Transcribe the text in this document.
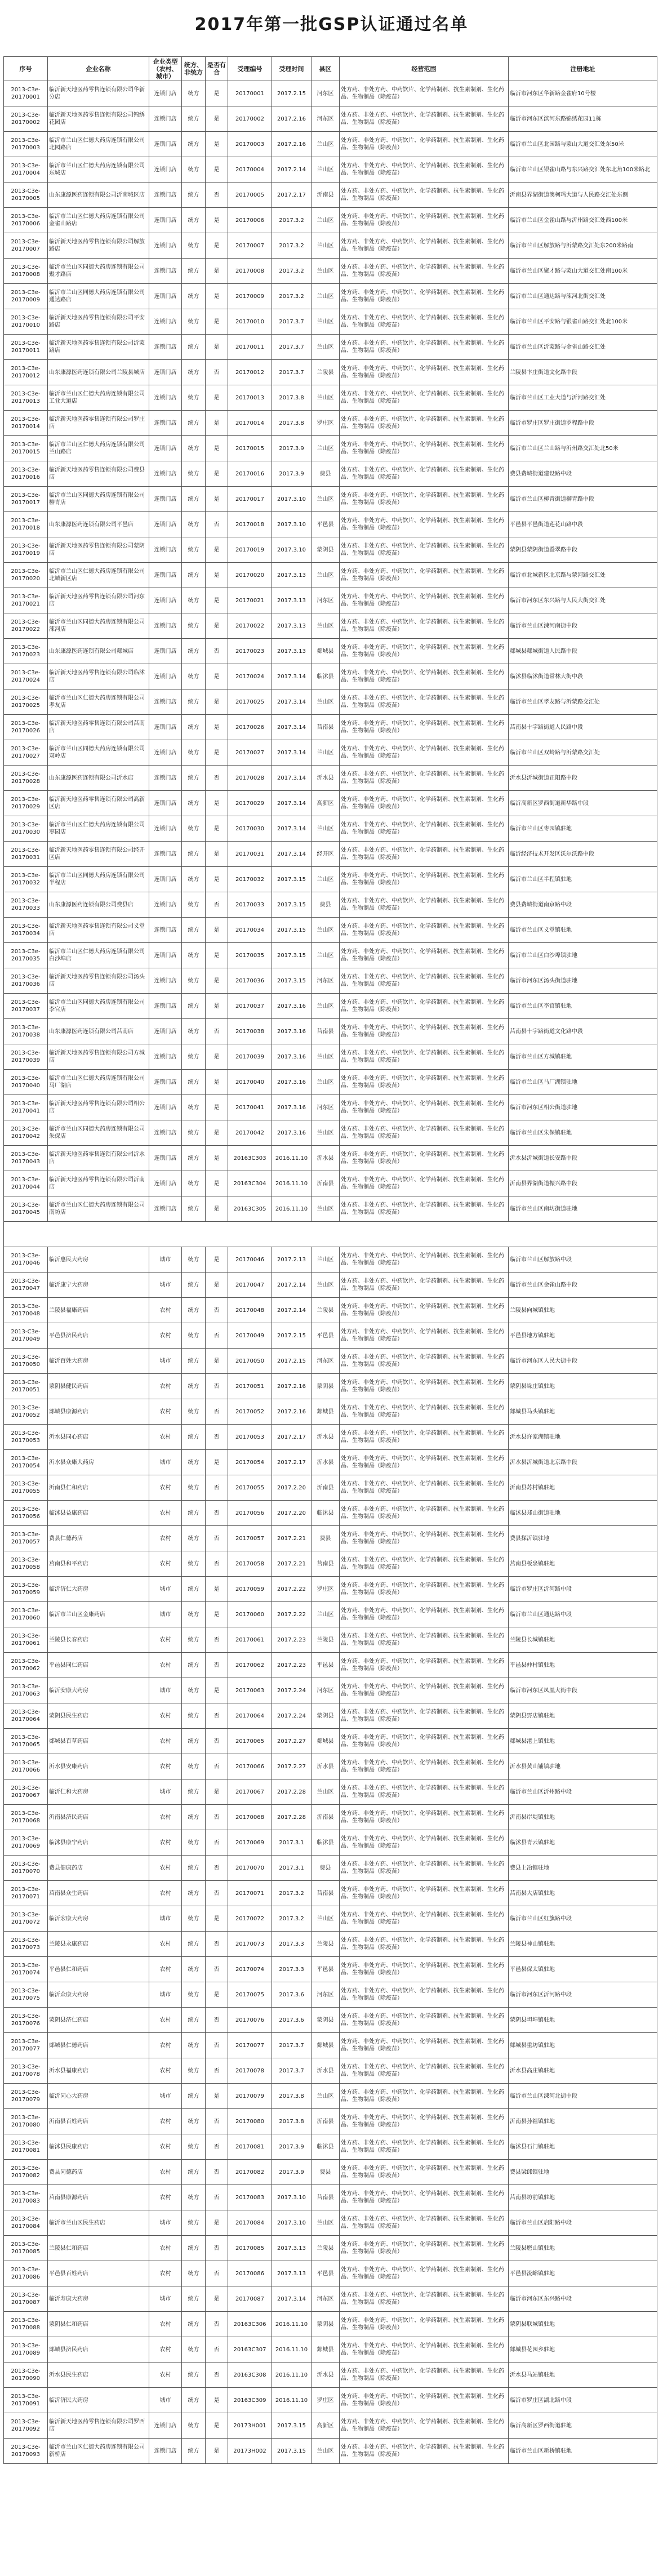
2017年第一批GSP认证通过名单
序号	企业名称	企业类型（农村、城市）	统方、非统方	是否有合	受理编号	受理时间	县区	经营范围	注册地址
2013-C3e-20170001	临沂新天地医药零售连锁有限公司华新分店	连锁门店	统方	是	20170001	2017.2.15	河东区	处方药、非处方药、中药饮片、化学药制剂、抗生素制剂、生化药品、生物制品（除疫苗）	临沂市河东区华新路金雀府10号楼
2013-C3e-20170002	临沂新天地医药零售连锁有限公司锦绣花园店	连锁门店	统方	是	20170002	2017.2.16	河东区	处方药、非处方药、中药饮片、化学药制剂、抗生素制剂、生化药品、生物制品（除疫苗）	临沂市河东区滨河东路锦绣花园11栋
2013-C3e-20170003	临沂市兰山区仁德大药房连锁有限公司北园路店	连锁门店	统方	是	20170003	2017.2.16	兰山区	处方药、非处方药、中药饮片、化学药制剂、抗生素制剂、生化药品、生物制品（除疫苗）	临沂市兰山区北园路与蒙山大道交汇处东50米
2013-C3e-20170004	临沂市兰山区仁德大药房连锁有限公司东城店	连锁门店	统方	是	20170004	2017.2.14	兰山区	处方药、非处方药、中药饮片、化学药制剂、抗生素制剂、生化药品、生物制品（除疫苗）	临沂市兰山区银雀山路与东兴路交汇处东北角100米路北
2013-C3e-20170005	山东康源医药连锁有限公司沂南城区店	连锁门店	统方	否	20170005	2017.2.17	沂南县	处方药、非处方药、中药饮片、化学药制剂、抗生素制剂、生化药品、生物制品（除疫苗）	沂南县界湖街道澳柯玛大道与人民路交汇处东侧
2013-C3e-20170006	临沂市兰山区仁德大药房连锁有限公司金雀山路店	连锁门店	统方	是	20170006	2017.3.2	兰山区	处方药、非处方药、中药饮片、化学药制剂、抗生素制剂、生化药品、生物制品（除疫苗）	临沂市兰山区金雀山路与沂州路交汇处西100米
2013-C3e-20170007	临沂新天地医药零售连锁有限公司解放路店	连锁门店	统方	是	20170007	2017.3.2	兰山区	处方药、非处方药、中药饮片、化学药制剂、抗生素制剂、生化药品、生物制品（除疫苗）	临沂市兰山区解放路与沂蒙路交汇处东200米路南
2013-C3e-20170008	临沂市兰山区同德大药房连锁有限公司聚才路店	连锁门店	统方	是	20170008	2017.3.2	兰山区	处方药、非处方药、中药饮片、化学药制剂、抗生素制剂、生化药品、生物制品（除疫苗）	临沂市兰山区聚才路与蒙山大道交汇处南100米
2013-C3e-20170009	临沂市兰山区同德大药房连锁有限公司通达路店	连锁门店	统方	是	20170009	2017.3.2	兰山区	处方药、非处方药、中药饮片、化学药制剂、抗生素制剂、生化药品、生物制品（除疫苗）	临沂市兰山区通达路与涑河北街交汇处
2013-C3e-20170010	临沂新天地医药零售连锁有限公司平安路店	连锁门店	统方	是	20170010	2017.3.7	兰山区	处方药、非处方药、中药饮片、化学药制剂、抗生素制剂、生化药品、生物制品（除疫苗）	临沂市兰山区平安路与银雀山路交汇处北100米
2013-C3e-20170011	临沂新天地医药零售连锁有限公司沂蒙路店	连锁门店	统方	是	20170011	2017.3.7	兰山区	处方药、非处方药、中药饮片、化学药制剂、抗生素制剂、生化药品、生物制品（除疫苗）	临沂市兰山区沂蒙路与金雀山路交汇处
2013-C3e-20170012	山东康源医药连锁有限公司兰陵县城店	连锁门店	统方	否	20170012	2017.3.7	兰陵县	处方药、非处方药、中药饮片、化学药制剂、抗生素制剂、生化药品、生物制品（除疫苗）	兰陵县卞庄街道文化路中段
2013-C3e-20170013	临沂市兰山区仁德大药房连锁有限公司工业大道店	连锁门店	统方	是	20170013	2017.3.8	兰山区	处方药、非处方药、中药饮片、化学药制剂、抗生素制剂、生化药品、生物制品（除疫苗）	临沂市兰山区工业大道与沂河路交汇处
2013-C3e-20170014	临沂新天地医药零售连锁有限公司罗庄店	连锁门店	统方	是	20170014	2017.3.8	罗庄区	处方药、非处方药、中药饮片、化学药制剂、抗生素制剂、生化药品、生物制品（除疫苗）	临沂市罗庄区罗庄街道罗程路中段
2013-C3e-20170015	临沂市兰山区仁德大药房连锁有限公司兰山路店	连锁门店	统方	是	20170015	2017.3.9	兰山区	处方药、非处方药、中药饮片、化学药制剂、抗生素制剂、生化药品、生物制品（除疫苗）	临沂市兰山区兰山路与沂州路交汇处北50米
2013-C3e-20170016	临沂新天地医药零售连锁有限公司费县店	连锁门店	统方	是	20170016	2017.3.9	费县	处方药、非处方药、中药饮片、化学药制剂、抗生素制剂、生化药品、生物制品（除疫苗）	费县费城街道建设路中段
2013-C3e-20170017	临沂市兰山区同德大药房连锁有限公司柳青店	连锁门店	统方	是	20170017	2017.3.10	兰山区	处方药、非处方药、中药饮片、化学药制剂、抗生素制剂、生化药品、生物制品（除疫苗）	临沂市兰山区柳青街道柳青路中段
2013-C3e-20170018	山东康源医药连锁有限公司平邑店	连锁门店	统方	否	20170018	2017.3.10	平邑县	处方药、非处方药、中药饮片、化学药制剂、抗生素制剂、生化药品、生物制品（除疫苗）	平邑县平邑街道莲花山路中段
2013-C3e-20170019	临沂新天地医药零售连锁有限公司蒙阴店	连锁门店	统方	是	20170019	2017.3.10	蒙阴县	处方药、非处方药、中药饮片、化学药制剂、抗生素制剂、生化药品、生物制品（除疫苗）	蒙阴县蒙阴街道叠翠路中段
2013-C3e-20170020	临沂市兰山区仁德大药房连锁有限公司北城新区店	连锁门店	统方	是	20170020	2017.3.13	兰山区	处方药、非处方药、中药饮片、化学药制剂、抗生素制剂、生化药品、生物制品（除疫苗）	临沂市北城新区北京路与蒙河路交汇处
2013-C3e-20170021	临沂新天地医药零售连锁有限公司河东店	连锁门店	统方	是	20170021	2017.3.13	河东区	处方药、非处方药、中药饮片、化学药制剂、抗生素制剂、生化药品、生物制品（除疫苗）	临沂市河东区东兴路与人民大街交汇处
2013-C3e-20170022	临沂市兰山区同德大药房连锁有限公司涑河店	连锁门店	统方	是	20170022	2017.3.13	兰山区	处方药、非处方药、中药饮片、化学药制剂、抗生素制剂、生化药品、生物制品（除疫苗）	临沂市兰山区涑河南街中段
2013-C3e-20170023	山东康源医药连锁有限公司郯城店	连锁门店	统方	否	20170023	2017.3.13	郯城县	处方药、非处方药、中药饮片、化学药制剂、抗生素制剂、生化药品、生物制品（除疫苗）	郯城县郯城街道人民路中段
2013-C3e-20170024	临沂新天地医药零售连锁有限公司临沭店	连锁门店	统方	是	20170024	2017.3.14	临沭县	处方药、非处方药、中药饮片、化学药制剂、抗生素制剂、生化药品、生物制品（除疫苗）	临沭县临沭街道常林大街中段
2013-C3e-20170025	临沂市兰山区仁德大药房连锁有限公司孝友店	连锁门店	统方	是	20170025	2017.3.14	兰山区	处方药、非处方药、中药饮片、化学药制剂、抗生素制剂、生化药品、生物制品（除疫苗）	临沂市兰山区孝友路与沂蒙路交汇处
2013-C3e-20170026	临沂新天地医药零售连锁有限公司莒南店	连锁门店	统方	是	20170026	2017.3.14	莒南县	处方药、非处方药、中药饮片、化学药制剂、抗生素制剂、生化药品、生物制品（除疫苗）	莒南县十字路街道人民路中段
2013-C3e-20170027	临沂市兰山区同德大药房连锁有限公司双岭店	连锁门店	统方	是	20170027	2017.3.14	兰山区	处方药、非处方药、中药饮片、化学药制剂、抗生素制剂、生化药品、生物制品（除疫苗）	临沂市兰山区双岭路与沂蒙路交汇处
2013-C3e-20170028	山东康源医药连锁有限公司沂水店	连锁门店	统方	否	20170028	2017.3.14	沂水县	处方药、非处方药、中药饮片、化学药制剂、抗生素制剂、生化药品、生物制品（除疫苗）	沂水县沂城街道正阳路中段
2013-C3e-20170029	临沂新天地医药零售连锁有限公司高新区店	连锁门店	统方	是	20170029	2017.3.14	高新区	处方药、非处方药、中药饮片、化学药制剂、抗生素制剂、生化药品、生物制品（除疫苗）	临沂高新区罗西街道新华路中段
2013-C3e-20170030	临沂市兰山区仁德大药房连锁有限公司枣园店	连锁门店	统方	是	20170030	2017.3.14	兰山区	处方药、非处方药、中药饮片、化学药制剂、抗生素制剂、生化药品、生物制品（除疫苗）	临沂市兰山区枣园镇驻地
2013-C3e-20170031	临沂新天地医药零售连锁有限公司经开区店	连锁门店	统方	是	20170031	2017.3.14	经开区	处方药、非处方药、中药饮片、化学药制剂、抗生素制剂、生化药品、生物制品（除疫苗）	临沂经济技术开发区沃尔沃路中段
2013-C3e-20170032	临沂市兰山区同德大药房连锁有限公司半程店	连锁门店	统方	是	20170032	2017.3.15	兰山区	处方药、非处方药、中药饮片、化学药制剂、抗生素制剂、生化药品、生物制品（除疫苗）	临沂市兰山区半程镇驻地
2013-C3e-20170033	山东康源医药连锁有限公司费县店	连锁门店	统方	否	20170033	2017.3.15	费县	处方药、非处方药、中药饮片、化学药制剂、抗生素制剂、生化药品、生物制品（除疫苗）	费县费城街道南京路中段
2013-C3e-20170034	临沂新天地医药零售连锁有限公司义堂店	连锁门店	统方	是	20170034	2017.3.15	兰山区	处方药、非处方药、中药饮片、化学药制剂、抗生素制剂、生化药品、生物制品（除疫苗）	临沂市兰山区义堂镇驻地
2013-C3e-20170035	临沂市兰山区仁德大药房连锁有限公司白沙埠店	连锁门店	统方	是	20170035	2017.3.15	兰山区	处方药、非处方药、中药饮片、化学药制剂、抗生素制剂、生化药品、生物制品（除疫苗）	临沂市兰山区白沙埠镇驻地
2013-C3e-20170036	临沂新天地医药零售连锁有限公司汤头店	连锁门店	统方	是	20170036	2017.3.15	河东区	处方药、非处方药、中药饮片、化学药制剂、抗生素制剂、生化药品、生物制品（除疫苗）	临沂市河东区汤头街道驻地
2013-C3e-20170037	临沂市兰山区同德大药房连锁有限公司李官店	连锁门店	统方	是	20170037	2017.3.16	兰山区	处方药、非处方药、中药饮片、化学药制剂、抗生素制剂、生化药品、生物制品（除疫苗）	临沂市兰山区李官镇驻地
2013-C3e-20170038	山东康源医药连锁有限公司莒南店	连锁门店	统方	否	20170038	2017.3.16	莒南县	处方药、非处方药、中药饮片、化学药制剂、抗生素制剂、生化药品、生物制品（除疫苗）	莒南县十字路街道文化路中段
2013-C3e-20170039	临沂新天地医药零售连锁有限公司方城店	连锁门店	统方	是	20170039	2017.3.16	兰山区	处方药、非处方药、中药饮片、化学药制剂、抗生素制剂、生化药品、生物制品（除疫苗）	临沂市兰山区方城镇驻地
2013-C3e-20170040	临沂市兰山区仁德大药房连锁有限公司马厂湖店	连锁门店	统方	是	20170040	2017.3.16	兰山区	处方药、非处方药、中药饮片、化学药制剂、抗生素制剂、生化药品、生物制品（除疫苗）	临沂市兰山区马厂湖镇驻地
2013-C3e-20170041	临沂新天地医药零售连锁有限公司相公店	连锁门店	统方	是	20170041	2017.3.16	河东区	处方药、非处方药、中药饮片、化学药制剂、抗生素制剂、生化药品、生物制品（除疫苗）	临沂市河东区相公街道驻地
2013-C3e-20170042	临沂市兰山区同德大药房连锁有限公司朱保店	连锁门店	统方	是	20170042	2017.3.16	兰山区	处方药、非处方药、中药饮片、化学药制剂、抗生素制剂、生化药品、生物制品（除疫苗）	临沂市兰山区朱保镇驻地
2013-C3e-20170043	临沂新天地医药零售连锁有限公司沂水店	连锁门店	统方	是	20163C303	2016.11.10	沂水县	处方药、非处方药、中药饮片、化学药制剂、抗生素制剂、生化药品、生物制品（除疫苗）	沂水县沂城街道长安路中段
2013-C3e-20170044	临沂新天地医药零售连锁有限公司沂南店	连锁门店	统方	是	20163C304	2016.11.10	沂南县	处方药、非处方药、中药饮片、化学药制剂、抗生素制剂、生化药品、生物制品（除疫苗）	沂南县界湖街道振兴路中段
2013-C3e-20170045	临沂市兰山区仁德大药房连锁有限公司南坊店	连锁门店	统方	是	20163C305	2016.11.10	兰山区	处方药、非处方药、中药饮片、化学药制剂、抗生素制剂、生化药品、生物制品（除疫苗）	临沂市兰山区南坊街道驻地

2013-C3e-20170046	临沂惠民大药房	城市	统方	是	20170046	2017.2.13	兰山区	处方药、非处方药、中药饮片、化学药制剂、抗生素制剂、生化药品、生物制品（除疫苗）	临沂市兰山区解放路中段
2013-C3e-20170047	临沂康宁大药房	城市	统方	是	20170047	2017.2.14	兰山区	处方药、非处方药、中药饮片、化学药制剂、抗生素制剂、生化药品、生物制品（除疫苗）	临沂市兰山区金雀山路中段
2013-C3e-20170048	兰陵县福康药店	农村	统方	否	20170048	2017.2.14	兰陵县	处方药、非处方药、中药饮片、化学药制剂、抗生素制剂、生化药品、生物制品（除疫苗）	兰陵县向城镇驻地
2013-C3e-20170049	平邑县济民药店	农村	统方	否	20170049	2017.2.15	平邑县	处方药、非处方药、中药饮片、化学药制剂、抗生素制剂、生化药品、生物制品（除疫苗）	平邑县地方镇驻地
2013-C3e-20170050	临沂百姓大药房	城市	统方	是	20170050	2017.2.15	河东区	处方药、非处方药、中药饮片、化学药制剂、抗生素制剂、生化药品、生物制品（除疫苗）	临沂市河东区人民大街中段
2013-C3e-20170051	蒙阴县健民药店	农村	统方	否	20170051	2017.2.16	蒙阴县	处方药、非处方药、中药饮片、化学药制剂、抗生素制剂、生化药品、生物制品（除疫苗）	蒙阴县垛庄镇驻地
2013-C3e-20170052	郯城县康源药店	农村	统方	否	20170052	2017.2.16	郯城县	处方药、非处方药、中药饮片、化学药制剂、抗生素制剂、生化药品、生物制品（除疫苗）	郯城县马头镇驻地
2013-C3e-20170053	沂水县同心药店	农村	统方	否	20170053	2017.2.17	沂水县	处方药、非处方药、中药饮片、化学药制剂、抗生素制剂、生化药品、生物制品（除疫苗）	沂水县许家湖镇驻地
2013-C3e-20170054	沂水县众康大药房	城市	统方	是	20170054	2017.2.17	沂水县	处方药、非处方药、中药饮片、化学药制剂、抗生素制剂、生化药品、生物制品（除疫苗）	沂水县沂城街道北京路中段
2013-C3e-20170055	沂南县仁和药店	农村	统方	否	20170055	2017.2.20	沂南县	处方药、非处方药、中药饮片、化学药制剂、抗生素制剂、生化药品、生物制品（除疫苗）	沂南县苏村镇驻地
2013-C3e-20170056	临沭县益康药店	农村	统方	否	20170056	2017.2.20	临沭县	处方药、非处方药、中药饮片、化学药制剂、抗生素制剂、生化药品、生物制品（除疫苗）	临沭县郑山街道驻地
2013-C3e-20170057	费县仁德药店	农村	统方	否	20170057	2017.2.21	费县	处方药、非处方药、中药饮片、化学药制剂、抗生素制剂、生化药品、生物制品（除疫苗）	费县探沂镇驻地
2013-C3e-20170058	莒南县和平药店	农村	统方	否	20170058	2017.2.21	莒南县	处方药、非处方药、中药饮片、化学药制剂、抗生素制剂、生化药品、生物制品（除疫苗）	莒南县板泉镇驻地
2013-C3e-20170059	临沂济仁大药房	城市	统方	是	20170059	2017.2.22	罗庄区	处方药、非处方药、中药饮片、化学药制剂、抗生素制剂、生化药品、生物制品（除疫苗）	临沂市罗庄区沂河路中段
2013-C3e-20170060	临沂市兰山区金康药店	城市	统方	是	20170060	2017.2.22	兰山区	处方药、非处方药、中药饮片、化学药制剂、抗生素制剂、生化药品、生物制品（除疫苗）	临沂市兰山区通达路中段
2013-C3e-20170061	兰陵县长春药店	农村	统方	否	20170061	2017.2.23	兰陵县	处方药、非处方药、中药饮片、化学药制剂、抗生素制剂、生化药品、生物制品（除疫苗）	兰陵县长城镇驻地
2013-C3e-20170062	平邑县同仁药店	农村	统方	否	20170062	2017.2.23	平邑县	处方药、非处方药、中药饮片、化学药制剂、抗生素制剂、生化药品、生物制品（除疫苗）	平邑县仲村镇驻地
2013-C3e-20170063	临沂安康大药房	城市	统方	是	20170063	2017.2.24	河东区	处方药、非处方药、中药饮片、化学药制剂、抗生素制剂、生化药品、生物制品（除疫苗）	临沂市河东区凤凰大街中段
2013-C3e-20170064	蒙阴县民生药店	农村	统方	否	20170064	2017.2.24	蒙阴县	处方药、非处方药、中药饮片、化学药制剂、抗生素制剂、生化药品、生物制品（除疫苗）	蒙阴县野店镇驻地
2013-C3e-20170065	郯城县百草药店	农村	统方	否	20170065	2017.2.27	郯城县	处方药、非处方药、中药饮片、化学药制剂、抗生素制剂、生化药品、生物制品（除疫苗）	郯城县港上镇驻地
2013-C3e-20170066	沂水县安康药店	农村	统方	否	20170066	2017.2.27	沂水县	处方药、非处方药、中药饮片、化学药制剂、抗生素制剂、生化药品、生物制品（除疫苗）	沂水县黄山铺镇驻地
2013-C3e-20170067	临沂仁和大药房	城市	统方	是	20170067	2017.2.28	兰山区	处方药、非处方药、中药饮片、化学药制剂、抗生素制剂、生化药品、生物制品（除疫苗）	临沂市兰山区沂州路中段
2013-C3e-20170068	沂南县济民药店	农村	统方	否	20170068	2017.2.28	沂南县	处方药、非处方药、中药饮片、化学药制剂、抗生素制剂、生化药品、生物制品（除疫苗）	沂南县岸堤镇驻地
2013-C3e-20170069	临沭县康宁药店	农村	统方	否	20170069	2017.3.1	临沭县	处方药、非处方药、中药饮片、化学药制剂、抗生素制剂、生化药品、生物制品（除疫苗）	临沭县青云镇驻地
2013-C3e-20170070	费县健康药店	农村	统方	否	20170070	2017.3.1	费县	处方药、非处方药、中药饮片、化学药制剂、抗生素制剂、生化药品、生物制品（除疫苗）	费县上冶镇驻地
2013-C3e-20170071	莒南县众生药店	农村	统方	否	20170071	2017.3.2	莒南县	处方药、非处方药、中药饮片、化学药制剂、抗生素制剂、生化药品、生物制品（除疫苗）	莒南县大店镇驻地
2013-C3e-20170072	临沂宏康大药房	城市	统方	是	20170072	2017.3.2	兰山区	处方药、非处方药、中药饮片、化学药制剂、抗生素制剂、生化药品、生物制品（除疫苗）	临沂市兰山区红旗路中段
2013-C3e-20170073	兰陵县永康药店	农村	统方	否	20170073	2017.3.3	兰陵县	处方药、非处方药、中药饮片、化学药制剂、抗生素制剂、生化药品、生物制品（除疫苗）	兰陵县神山镇驻地
2013-C3e-20170074	平邑县仁和药店	农村	统方	否	20170074	2017.3.3	平邑县	处方药、非处方药、中药饮片、化学药制剂、抗生素制剂、生化药品、生物制品（除疫苗）	平邑县保太镇驻地
2013-C3e-20170075	临沂众康大药房	城市	统方	是	20170075	2017.3.6	河东区	处方药、非处方药、中药饮片、化学药制剂、抗生素制剂、生化药品、生物制品（除疫苗）	临沂市河东区沂河路中段
2013-C3e-20170076	蒙阴县济仁药店	农村	统方	否	20170076	2017.3.6	蒙阴县	处方药、非处方药、中药饮片、化学药制剂、抗生素制剂、生化药品、生物制品（除疫苗）	蒙阴县坦埠镇驻地
2013-C3e-20170077	郯城县仁德药店	农村	统方	否	20170077	2017.3.7	郯城县	处方药、非处方药、中药饮片、化学药制剂、抗生素制剂、生化药品、生物制品（除疫苗）	郯城县重坊镇驻地
2013-C3e-20170078	沂水县福康药店	农村	统方	否	20170078	2017.3.7	沂水县	处方药、非处方药、中药饮片、化学药制剂、抗生素制剂、生化药品、生物制品（除疫苗）	沂水县高庄镇驻地
2013-C3e-20170079	临沂同心大药房	城市	统方	是	20170079	2017.3.8	兰山区	处方药、非处方药、中药饮片、化学药制剂、抗生素制剂、生化药品、生物制品（除疫苗）	临沂市兰山区涑河北街中段
2013-C3e-20170080	沂南县百姓药店	农村	统方	否	20170080	2017.3.8	沂南县	处方药、非处方药、中药饮片、化学药制剂、抗生素制剂、生化药品、生物制品（除疫苗）	沂南县孙祖镇驻地
2013-C3e-20170081	临沭县民康药店	农村	统方	否	20170081	2017.3.9	临沭县	处方药、非处方药、中药饮片、化学药制剂、抗生素制剂、生化药品、生物制品（除疫苗）	临沭县石门镇驻地
2013-C3e-20170082	费县同德药店	农村	统方	否	20170082	2017.3.9	费县	处方药、非处方药、中药饮片、化学药制剂、抗生素制剂、生化药品、生物制品（除疫苗）	费县梁邱镇驻地
2013-C3e-20170083	莒南县康源药店	农村	统方	否	20170083	2017.3.10	莒南县	处方药、非处方药、中药饮片、化学药制剂、抗生素制剂、生化药品、生物制品（除疫苗）	莒南县坊前镇驻地
2013-C3e-20170084	临沂市兰山区民生药店	城市	统方	是	20170084	2017.3.10	兰山区	处方药、非处方药、中药饮片、化学药制剂、抗生素制剂、生化药品、生物制品（除疫苗）	临沂市兰山区启阳路中段
2013-C3e-20170085	兰陵县仁和药店	农村	统方	否	20170085	2017.3.13	兰陵县	处方药、非处方药、中药饮片、化学药制剂、抗生素制剂、生化药品、生物制品（除疫苗）	兰陵县磨山镇驻地
2013-C3e-20170086	平邑县百姓药店	农村	统方	否	20170086	2017.3.13	平邑县	处方药、非处方药、中药饮片、化学药制剂、抗生素制剂、生化药品、生物制品（除疫苗）	平邑县流峪镇驻地
2013-C3e-20170087	临沂寿康大药房	城市	统方	是	20170087	2017.3.14	河东区	处方药、非处方药、中药饮片、化学药制剂、抗生素制剂、生化药品、生物制品（除疫苗）	临沂市河东区东兴路中段
2013-C3e-20170088	蒙阴县仁和药店	农村	统方	否	20163C306	2016.11.10	蒙阴县	处方药、非处方药、中药饮片、化学药制剂、抗生素制剂、生化药品、生物制品（除疫苗）	蒙阴县联城镇驻地
2013-C3e-20170089	郯城县济民药店	农村	统方	否	20163C307	2016.11.10	郯城县	处方药、非处方药、中药饮片、化学药制剂、抗生素制剂、生化药品、生物制品（除疫苗）	郯城县花园乡驻地
2013-C3e-20170090	沂水县民生药店	农村	统方	否	20163C308	2016.11.10	沂水县	处方药、非处方药、中药饮片、化学药制剂、抗生素制剂、生化药品、生物制品（除疫苗）	沂水县马站镇驻地
2013-C3e-20170091	临沂济民大药房	城市	统方	是	20163C309	2016.11.10	罗庄区	处方药、非处方药、中药饮片、化学药制剂、抗生素制剂、生化药品、生物制品（除疫苗）	临沂市罗庄区湖北路中段
2013-C3e-20170092	临沂新天地医药零售连锁有限公司罗西店	连锁门店	统方	是	20173H001	2017.3.15	高新区	处方药、非处方药、中药饮片、化学药制剂、抗生素制剂、生化药品、生物制品（除疫苗）	临沂高新区罗西街道驻地
2013-C3e-20170093	临沂市兰山区仁德大药房连锁有限公司新桥店	连锁门店	统方	是	20173H002	2017.3.15	兰山区	处方药、非处方药、中药饮片、化学药制剂、抗生素制剂、生化药品、生物制品（除疫苗）	临沂市兰山区新桥镇驻地
